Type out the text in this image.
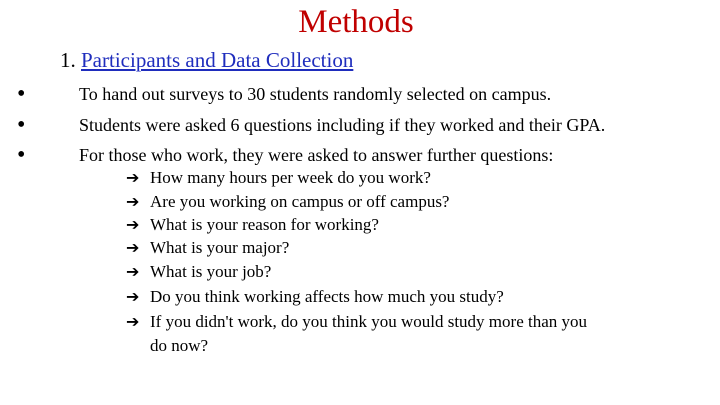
Methods
1. Participants and Data Collection
•	To hand out surveys to 30 students randomly selected on campus.
•	Students were asked 6 questions including if they worked and their GPA.
•	For those who work, they were asked to answer further questions:
➔ How many hours per week do you work?
➔ Are you working on campus or off campus?
➔ What is your reason for working?
➔ What is your major?
➔ What is your job?
➔ Do you think working affects how much you study?
➔ If you didn't work, do you think you would study more than you
do now?
